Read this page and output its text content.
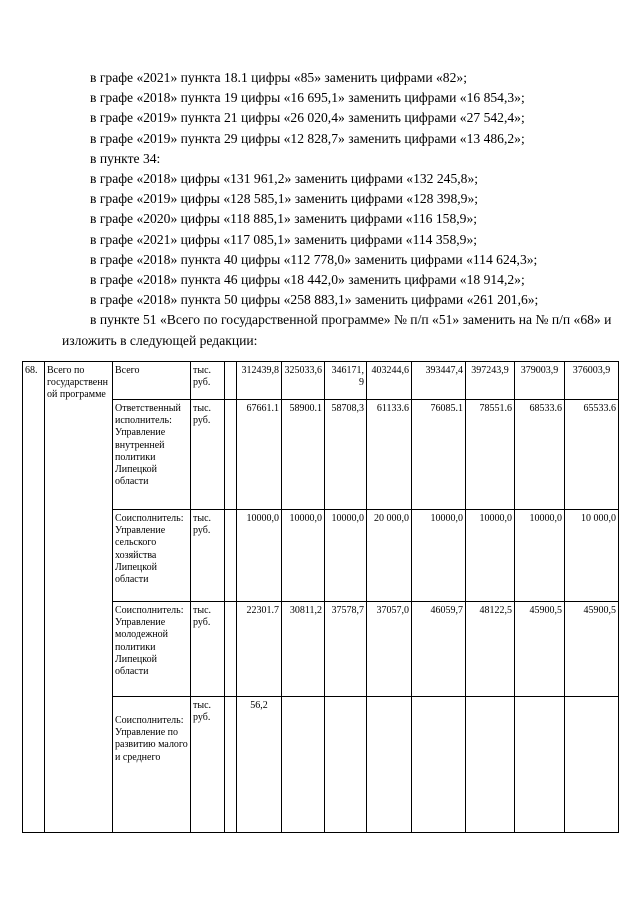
в графе «2021» пункта 18.1 цифры «85» заменить цифрами «82»;

в графе «2018» пункта 19 цифры «16 695,1» заменить цифрами «16 854,3»;

в графе «2019» пункта 21 цифры «26 020,4» заменить цифрами «27 542,4»;

в графе «2019» пункта 29 цифры «12 828,7» заменить цифрами «13 486,2»;

в пункте 34:

в графе «2018» цифры «131 961,2» заменить цифрами «132 245,8»;

в графе «2019» цифры «128 585,1» заменить цифрами «128 398,9»;

в графе «2020» цифры «118 885,1» заменить цифрами «116 158,9»;

в графе «2021» цифры «117 085,1» заменить цифрами «114 358,9»;

в графе «2018» пункта 40 цифры «112 778,0» заменить цифрами «114 624,3»;

в графе «2018» пункта 46 цифры «18 442,0» заменить цифрами «18 914,2»;

в графе «2018» пункта 50 цифры «258 883,1» заменить цифрами «261 201,6»;

в пункте 51 «Всего по государственной программе» № п/п «51» заменить на № п/п «68» и изложить в следующей редакции:

68.	Всего по государственной программе	Всего	тыс. руб.		312439,8	325033,6	346171,9	403244,6	393447,4	397243,9	379003,9	376003,9
		Ответственный исполнитель: Управление внутренней политики Липецкой области	тыс. руб.		67661.1	58900.1	58708,3	61133.6	76085.1	78551.6	68533.6	65533.6
		Соисполнитель: Управление сельского хозяйства Липецкой области	тыс. руб.		10000,0	10000,0	10000,0	20 000,0	10000,0	10000,0	10000,0	10 000,0
		Соисполнитель: Управление молодежной политики Липецкой области	тыс. руб.		22301.7	30811,2	37578,7	37057,0	46059,7	48122,5	45900,5	45900,5
		Соисполнитель: Управление по развитию малого и среднего	тыс. руб.		56,2							
